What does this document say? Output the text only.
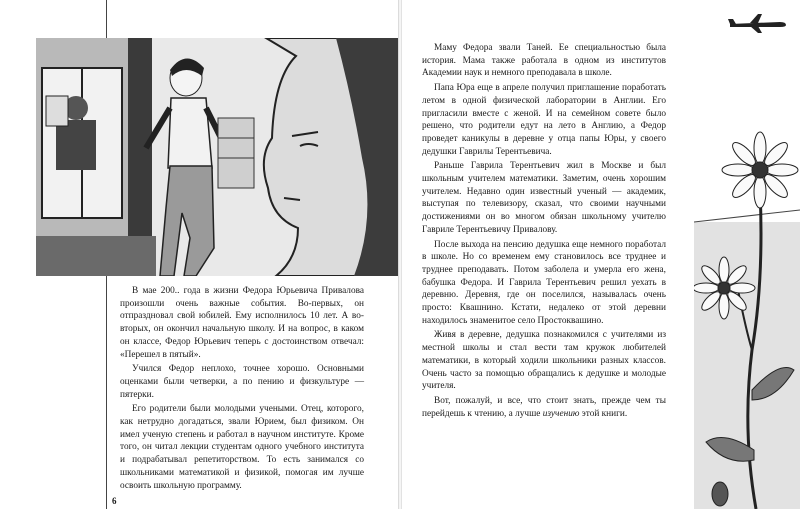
В мае 200.. года в жизни Федора Юрьевича Привалова произошли очень важные события. Во-первых, он отпраздновал свой юбилей. Ему исполнилось 10 лет. А во-вторых, он окончил начальную школу. И на вопрос, в каком он классе, Федор Юрьевич теперь с достоинством отвечал: «Перешел в пятый».

Учился Федор неплохо, точнее хорошо. Основными оценками были четверки, а по пению и физкультуре — пятерки.

Его родители были молодыми учеными. Отец, которого, как нетрудно догадаться, звали Юрием, был физиком. Он имел ученую степень и работал в научном институте. Кроме того, он читал лекции студентам одного учебного института и подрабатывал репетиторством. То есть занимался со школьниками математикой и физикой, помогая им лучше освоить школьную программу.

6

Маму Федора звали Таней. Ее специальностью была история. Мама также работала в одном из институтов Академии наук и немного преподавала в школе.

Папа Юра еще в апреле получил приглашение поработать летом в одной физической лаборатории в Англии. Его пригласили вместе с женой. И на семейном совете было решено, что родители едут на лето в Англию, а Федор проведет каникулы в деревне у отца папы Юры, у своего дедушки Гаврилы Терентьевича.

Раньше Гаврила Терентьевич жил в Москве и был школьным учителем математики. Заметим, очень хорошим учителем. Недавно один известный ученый — академик, выступая по телевизору, сказал, что своими научными достижениями он во многом обязан школьному учителю Гавриле Терентьевичу Привалову.

После выхода на пенсию дедушка еще немного поработал в школе. Но со временем ему становилось все труднее и труднее преподавать. Потом заболела и умерла его жена, бабушка Федора. И Гаврила Терентьевич решил уехать в деревню. Деревня, где он поселился, называлась очень просто: Квашнино. Кстати, недалеко от этой деревни находилось знаменитое село Простоквашино.

Живя в деревне, дедушка познакомился с учителями из местной школы и стал вести там кружок любителей математики, в который ходили школьники разных классов. Очень часто за помощью обращались к дедушке и молодые учителя.

Вот, пожалуй, и все, что стоит знать, прежде чем ты перейдешь к чтению, а лучше изучению этой книги.
